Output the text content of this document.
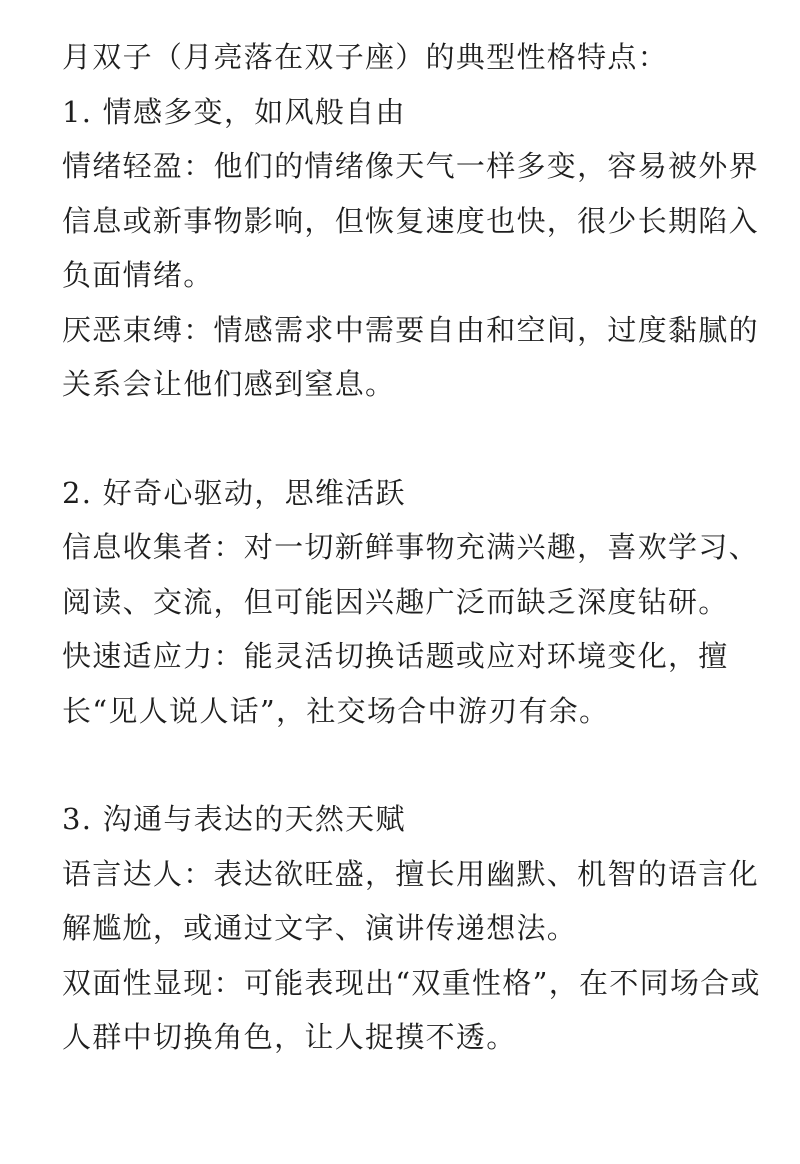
月双子（月亮落在双子座）的典型性格特点：

1. 情感多变，如风般自由

情绪轻盈：他们的情绪像天气一样多变，容易被外界信息或新事物影响，但恢复速度也快，很少长期陷入负面情绪。

厌恶束缚：情感需求中需要自由和空间，过度黏腻的关系会让他们感到窒息。

2. 好奇心驱动，思维活跃

信息收集者：对一切新鲜事物充满兴趣，喜欢学习、阅读、交流，但可能因兴趣广泛而缺乏深度钻研。

快速适应力：能灵活切换话题或应对环境变化，擅长“见人说人话”，社交场合中游刃有余。

3. 沟通与表达的天然天赋

语言达人：表达欲旺盛，擅长用幽默、机智的语言化解尴尬，或通过文字、演讲传递想法。

双面性显现：可能表现出“双重性格”，在不同场合或人群中切换角色，让人捉摸不透。
